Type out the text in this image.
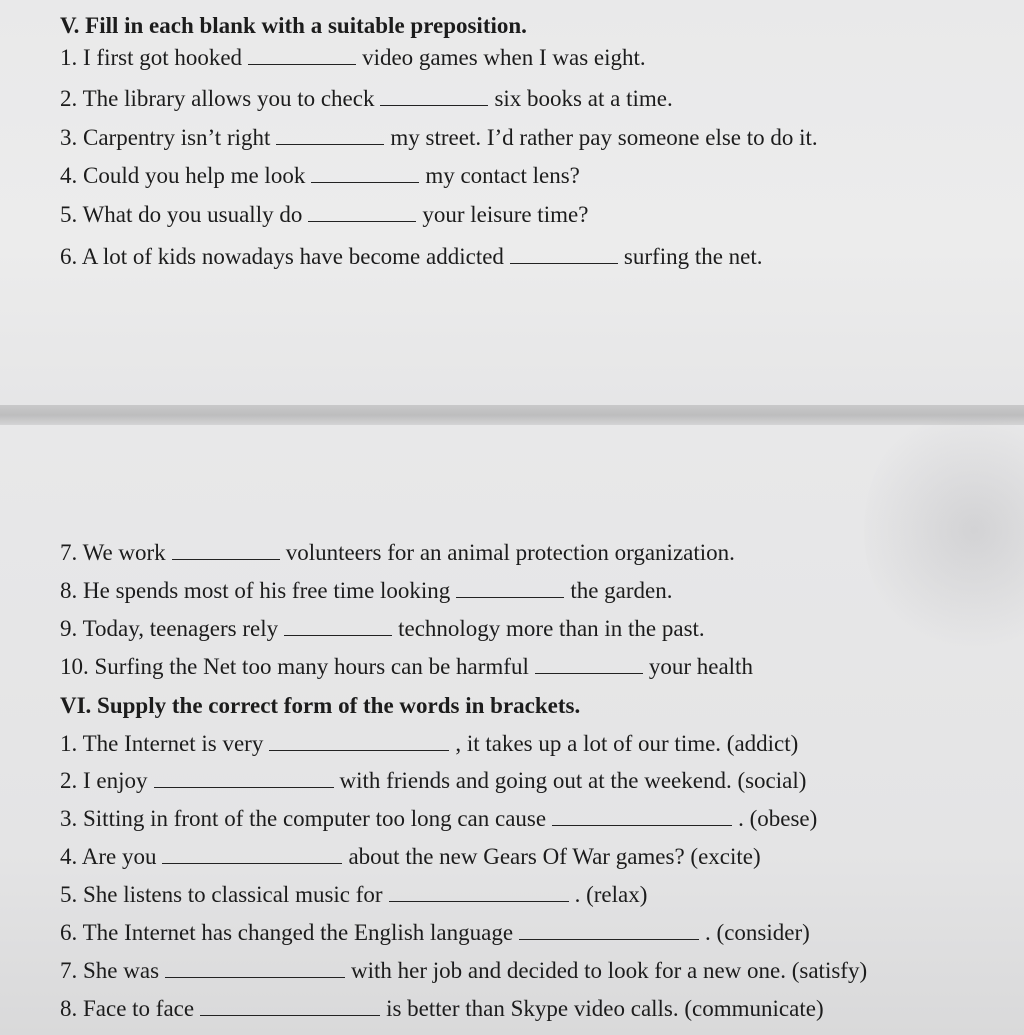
V. Fill in each blank with a suitable preposition.
1. I first got hooked	video games when I was eight.
2. The library allows you to check	six books at a time.
3. Carpentry isn’t right	my street. I’d rather pay someone else to do it.
4. Could you help me look	my contact lens?
5. What do you usually do	your leisure time?
6. A lot of kids nowadays have become addicted	surfing the net.
7. We work	volunteers for an animal protection organization.
8. He spends most of his free time looking	the garden.
9. Today, teenagers rely	technology more than in the past.
10. Surfing the Net too many hours can be harmful	your health
VI. Supply the correct form of the words in brackets.
1. The Internet is very	, it takes up a lot of our time. (addict)
2. I enjoy	with friends and going out at the weekend. (social)
3. Sitting in front of the computer too long can cause	. (obese)
4. Are you	about the new Gears Of War games? (excite)
5. She listens to classical music for	. (relax)
6. The Internet has changed the English language	. (consider)
7. She was	with her job and decided to look for a new one. (satisfy)
8. Face to face	is better than Skype video calls. (communicate)
